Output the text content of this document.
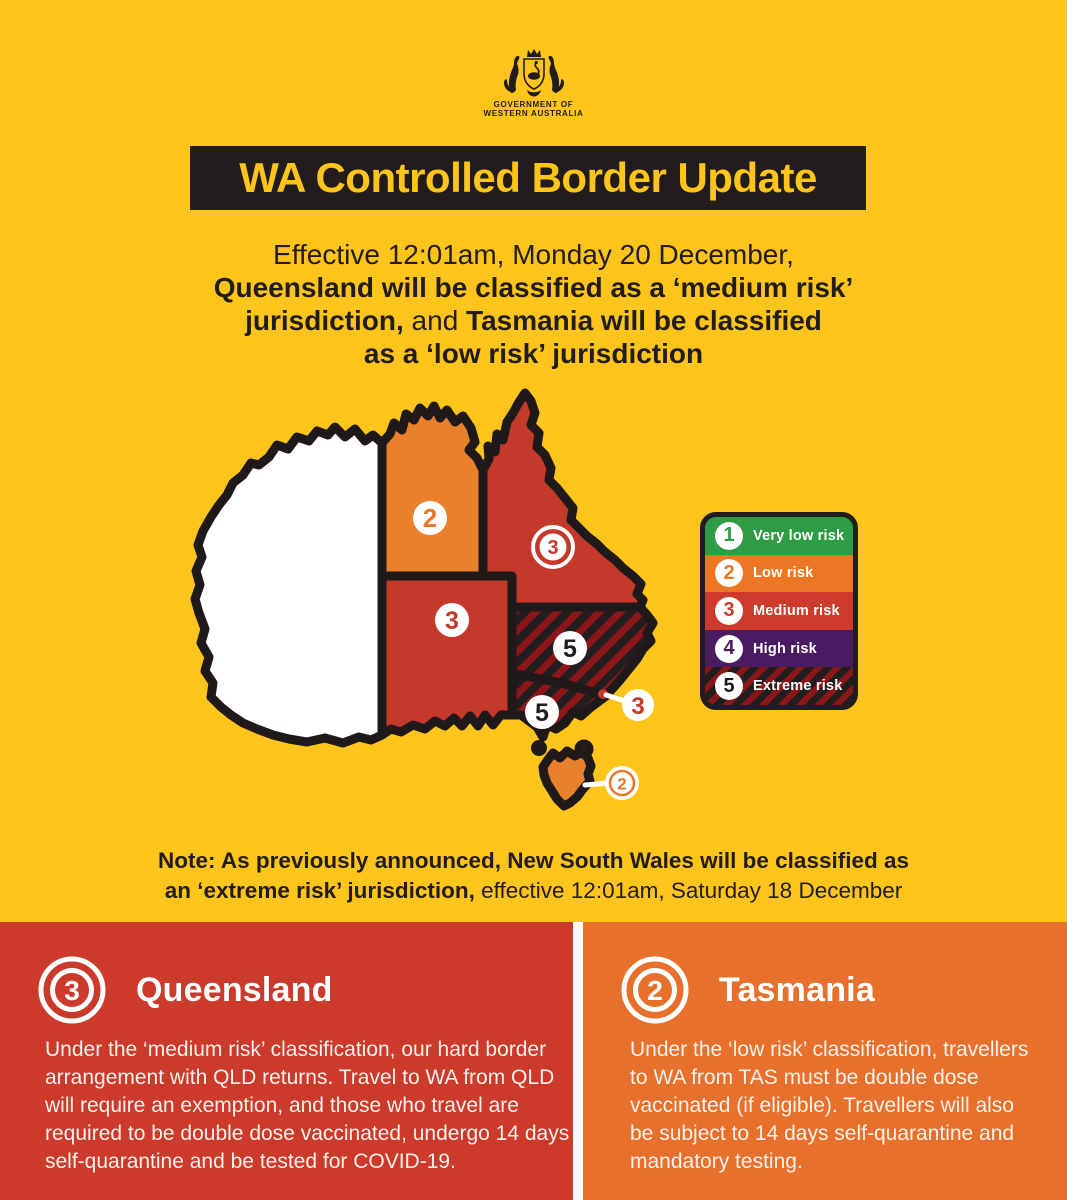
GOVERNMENT OF
WESTERN AUSTRALIA
WA Controlled Border Update
Effective 12:01am, Monday 20 December,
Queensland will be classified as a ‘medium risk’
jurisdiction, and Tasmania will be classified
as a ‘low risk’ jurisdiction
2
3
3
5
5	3
2
1 Very low risk
2 Low risk
3 Medium risk
4 High risk
5 Extreme risk
Note: As previously announced, New South Wales will be classified as
an ‘extreme risk’ jurisdiction, effective 12:01am, Saturday 18 December
3 Queensland
Under the ‘medium risk’ classification, our hard border
arrangement with QLD returns. Travel to WA from QLD
will require an exemption, and those who travel are
required to be double dose vaccinated, undergo 14 days
self-quarantine and be tested for COVID-19.
2 Tasmania
Under the ‘low risk’ classification, travellers
to WA from TAS must be double dose
vaccinated (if eligible). Travellers will also
be subject to 14 days self-quarantine and
mandatory testing.
